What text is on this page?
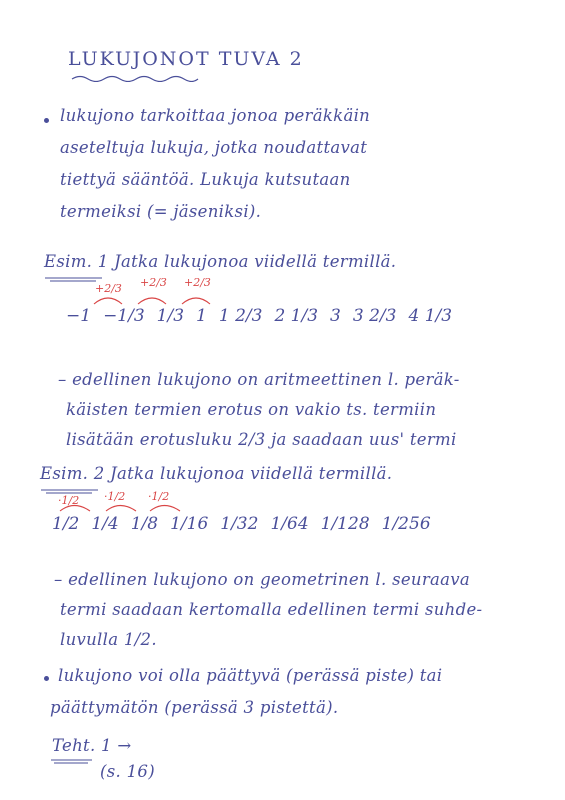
LUKUJONOT TUVA 2
lukujono tarkoittaa jonoa peräkkäin
aseteltuja lukuja, jotka noudattavat
tiettyä sääntöä. Lukuja kutsutaan
termeiksi (= jäseniksi).
Esim. 1 Jatka lukujonoa viidellä termillä.
+2/3 +2/3 +2/3
−1 −1/3 1/3 1 1 2/3 2 1/3 3 3 2/3 4 1/3
– edellinen lukujono on aritmeettinen l. peräk-
käisten termien erotus on vakio ts. termiin
lisätään erotusluku 2/3 ja saadaan uus' termi
Esim. 2 Jatka lukujonoa viidellä termillä.
·1/2 ·1/2 ·1/2
1/2 1/4 1/8 1/16 1/32 1/64 1/128 1/256
– edellinen lukujono on geometrinen l. seuraava
termi saadaan kertomalla edellinen termi suhde-
luvulla 1/2.
lukujono voi olla päättyvä (perässä piste) tai
päättymätön (perässä 3 pistettä).
Teht. 1 →
(s. 16)
